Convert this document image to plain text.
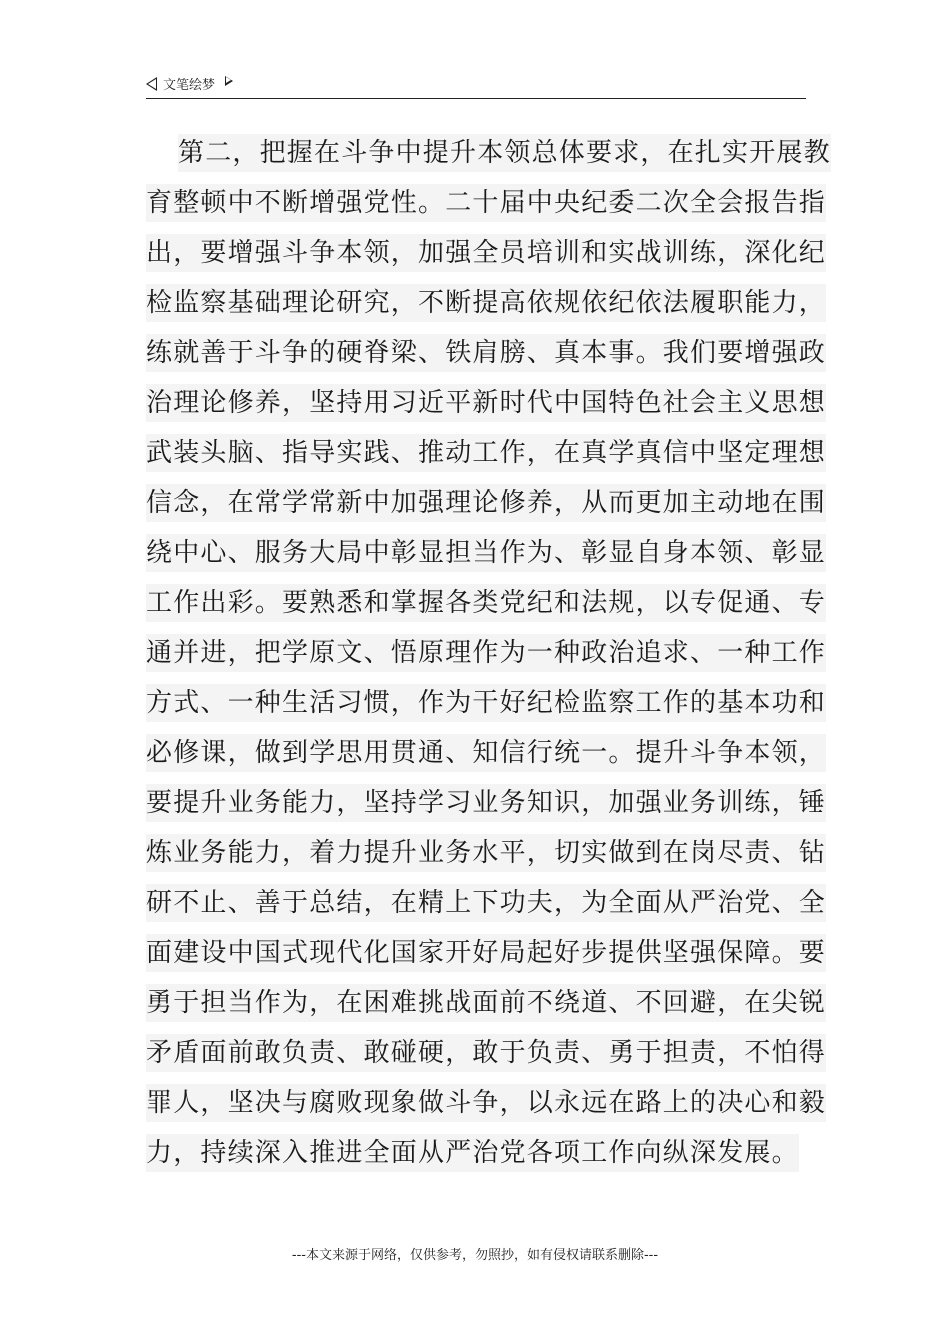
文笔绘梦
第二，把握在斗争中提升本领总体要求，在扎实开展教
育整顿中不断增强党性。二十届中央纪委二次全会报告指
出，要增强斗争本领，加强全员培训和实战训练，深化纪
检监察基础理论研究，不断提高依规依纪依法履职能力，
练就善于斗争的硬脊梁、铁肩膀、真本事。我们要增强政
治理论修养，坚持用习近平新时代中国特色社会主义思想
武装头脑、指导实践、推动工作，在真学真信中坚定理想
信念，在常学常新中加强理论修养，从而更加主动地在围
绕中心、服务大局中彰显担当作为、彰显自身本领、彰显
工作出彩。要熟悉和掌握各类党纪和法规，以专促通、专
通并进，把学原文、悟原理作为一种政治追求、一种工作
方式、一种生活习惯，作为干好纪检监察工作的基本功和
必修课，做到学思用贯通、知信行统一。提升斗争本领，
要提升业务能力，坚持学习业务知识，加强业务训练，锤
炼业务能力，着力提升业务水平，切实做到在岗尽责、钻
研不止、善于总结，在精上下功夫，为全面从严治党、全
面建设中国式现代化国家开好局起好步提供坚强保障。要
勇于担当作为，在困难挑战面前不绕道、不回避，在尖锐
矛盾面前敢负责、敢碰硬，敢于负责、勇于担责，不怕得
罪人，坚决与腐败现象做斗争，以永远在路上的决心和毅
力，持续深入推进全面从严治党各项工作向纵深发展。
---本文来源于网络，仅供参考，勿照抄，如有侵权请联系删除---
